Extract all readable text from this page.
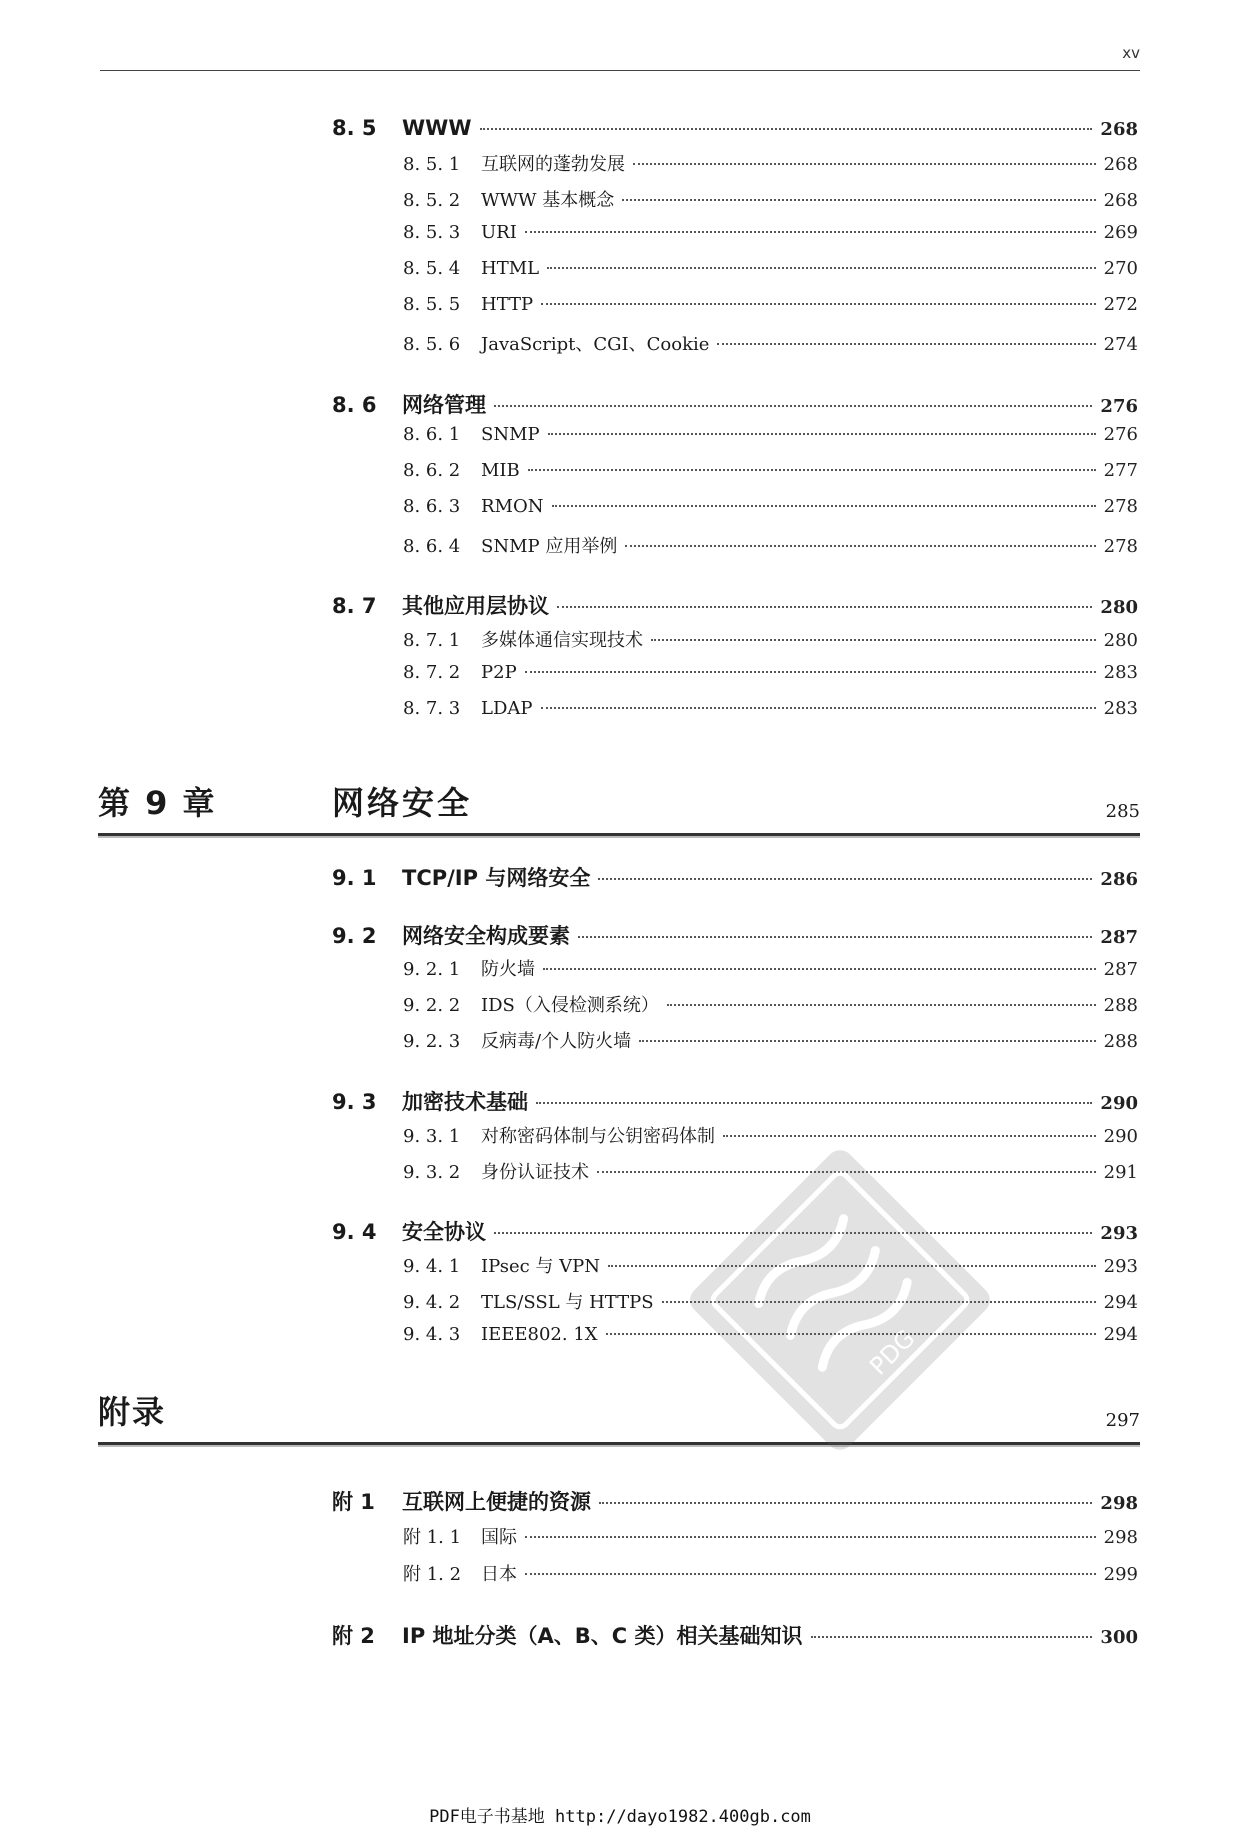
xv
8. 5	WWW	268
8. 5. 1	互联网的蓬勃发展	268
8. 5. 2	WWW 基本概念	268
8. 5. 3	URI	269
8. 5. 4	HTML	270
8. 5. 5	HTTP	272
8. 5. 6	JavaScript、CGI、Cookie	274
8. 6	网络管理	276
8. 6. 1	SNMP	276
8. 6. 2	MIB	277
8. 6. 3	RMON	278
8. 6. 4	SNMP 应用举例	278
8. 7	其他应用层协议	280
8. 7. 1	多媒体通信实现技术	280
8. 7. 2	P2P	283
8. 7. 3	LDAP	283
第 9 章	网络安全	285
9. 1	TCP/IP 与网络安全	286
9. 2	网络安全构成要素	287
9. 2. 1	防火墙	287
9. 2. 2	IDS（入侵检测系统）	288
9. 2. 3	反病毒/个人防火墙	288
9. 3	加密技术基础	290
9. 3. 1	对称密码体制与公钥密码体制	290
9. 3. 2	身份认证技术	291
9. 4	安全协议	293
9. 4. 1	IPsec 与 VPN	293
9. 4. 2	TLS/SSL 与 HTTPS	294
9. 4. 3	IEEE802. 1X	294
附录	297
附 1	互联网上便捷的资源	298
附 1. 1	国际	298
附 1. 2	日本	299
附 2	IP 地址分类（A、B、C 类）相关基础知识	300
PDG
PDF电子书基地 http://dayo1982.400gb.com
